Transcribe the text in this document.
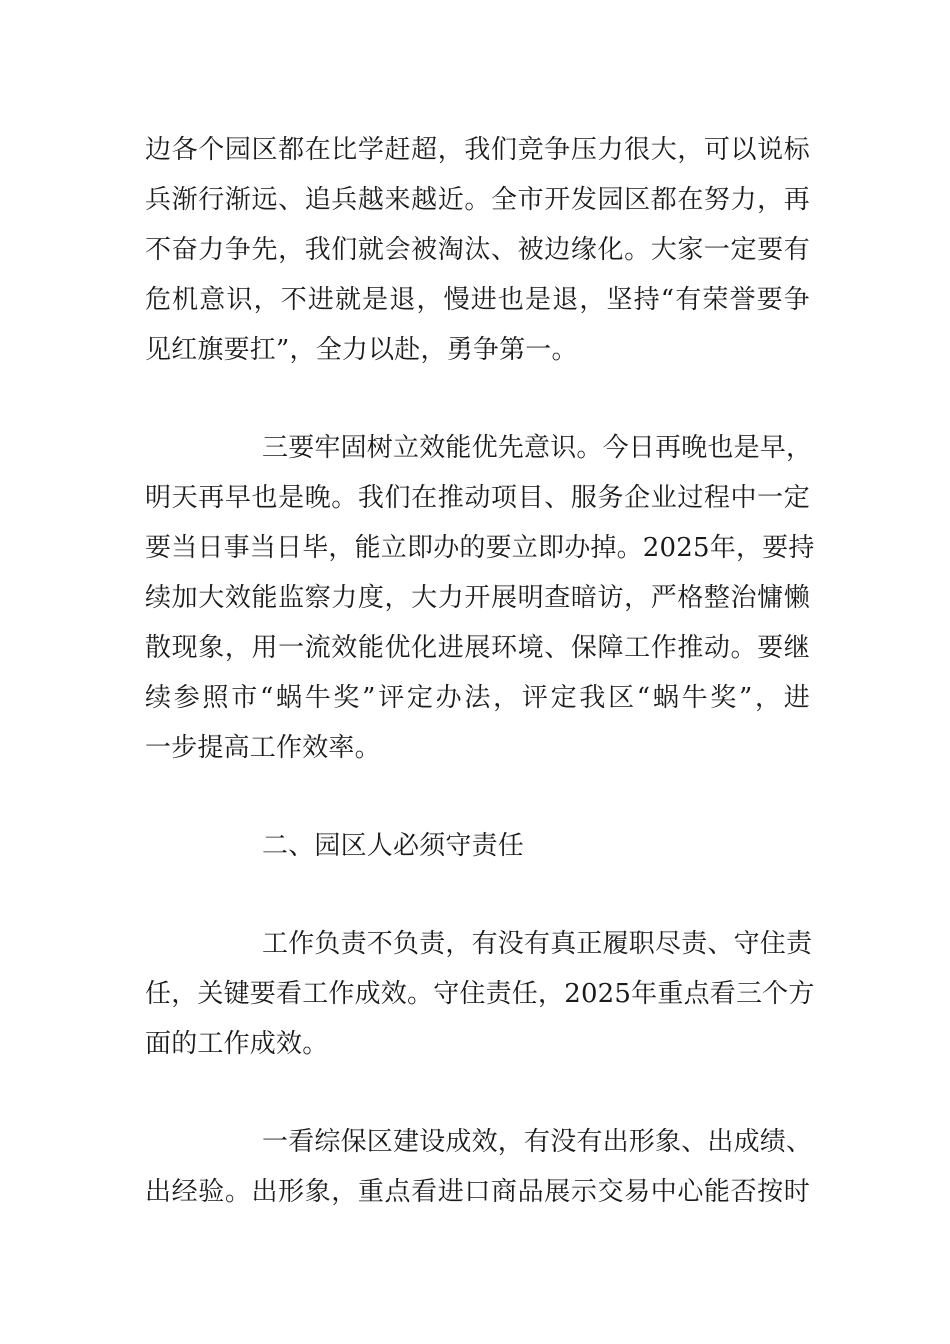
边各个园区都在比学赶超，我们竞争压力很大，可以说标
兵渐行渐远、追兵越来越近。全市开发园区都在努力，再
不奋力争先，我们就会被淘汰、被边缘化。大家一定要有
危机意识，不进就是退，慢进也是退，坚持“有荣誉要争
见红旗要扛”，全力以赴，勇争第一。
三要牢固树立效能优先意识。今日再晚也是早，
明天再早也是晚。我们在推动项目、服务企业过程中一定
要当日事当日毕，能立即办的要立即办掉。2025年，要持
续加大效能监察力度，大力开展明查暗访，严格整治慵懒
散现象，用一流效能优化进展环境、保障工作推动。要继
续参照市“蜗牛奖”评定办法，评定我区“蜗牛奖”，进
一步提高工作效率。
二、园区人必须守责任
工作负责不负责，有没有真正履职尽责、守住责
任，关键要看工作成效。守住责任，2025年重点看三个方
面的工作成效。
一看综保区建设成效，有没有出形象、出成绩、
出经验。出形象，重点看进口商品展示交易中心能否按时
